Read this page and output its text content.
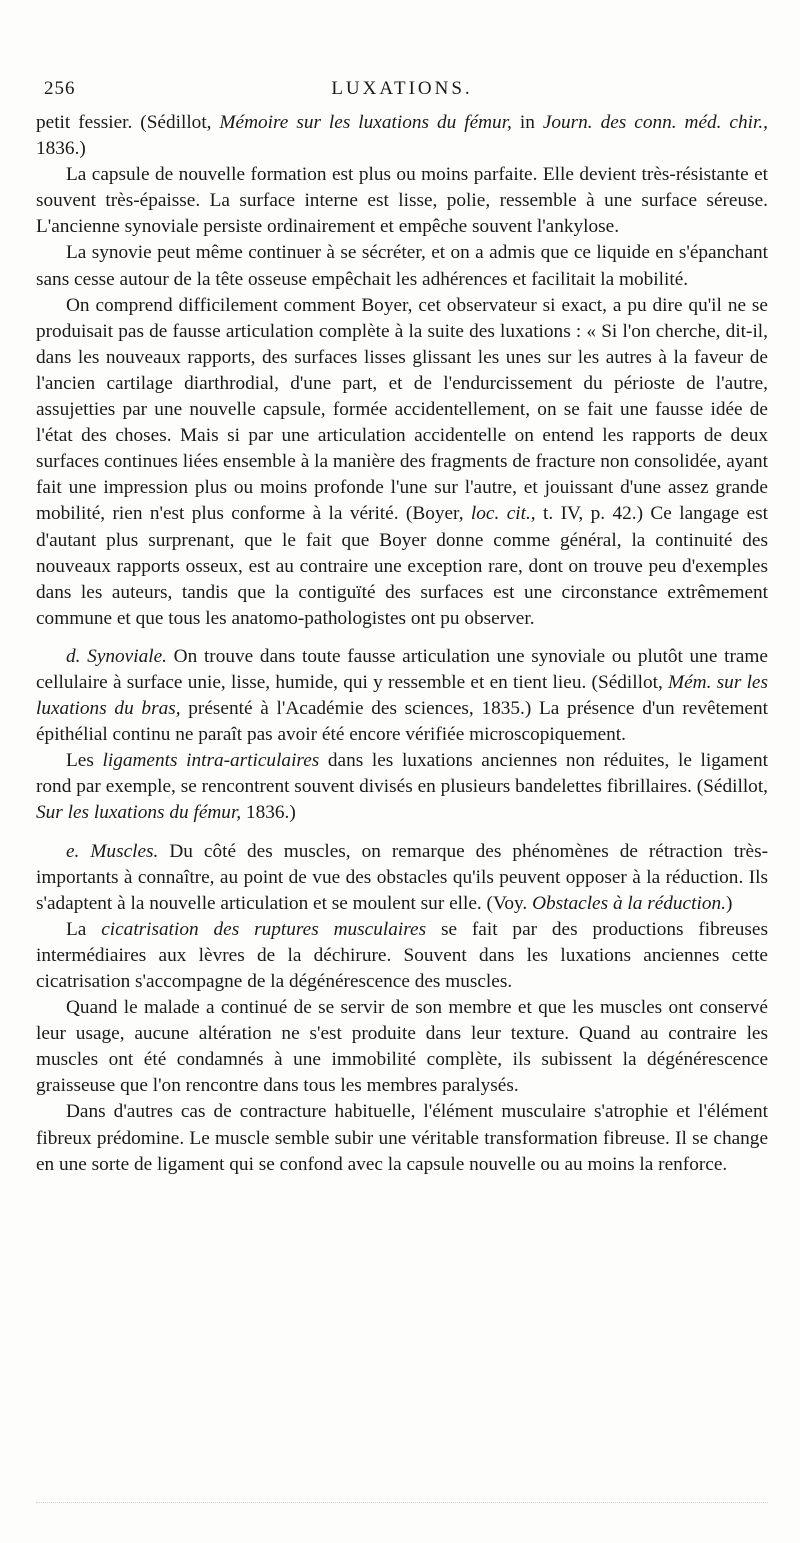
256	LUXATIONS.

petit fessier. (Sédillot, Mémoire sur les luxations du fémur, in Journ. des conn. méd. chir., 1836.)

La capsule de nouvelle formation est plus ou moins parfaite. Elle devient très-résistante et souvent très-épaisse. La surface interne est lisse, polie, ressemble à une surface séreuse. L'ancienne synoviale persiste ordinairement et empêche souvent l'ankylose.

La synovie peut même continuer à se sécréter, et on a admis que ce liquide en s'épanchant sans cesse autour de la tête osseuse empêchait les adhérences et facilitait la mobilité.

On comprend difficilement comment Boyer, cet observateur si exact, a pu dire qu'il ne se produisait pas de fausse articulation complète à la suite des luxations : « Si l'on cherche, dit-il, dans les nouveaux rapports, des surfaces lisses glissant les unes sur les autres à la faveur de l'ancien cartilage diarthrodial, d'une part, et de l'endurcissement du périoste de l'autre, assujetties par une nouvelle capsule, formée accidentellement, on se fait une fausse idée de l'état des choses. Mais si par une articulation accidentelle on entend les rapports de deux surfaces continues liées ensemble à la manière des fragments de fracture non consolidée, ayant fait une impression plus ou moins profonde l'une sur l'autre, et jouissant d'une assez grande mobilité, rien n'est plus conforme à la vérité. (Boyer, loc. cit., t. IV, p. 42.) Ce langage est d'autant plus surprenant, que le fait que Boyer donne comme général, la continuité des nouveaux rapports osseux, est au contraire une exception rare, dont on trouve peu d'exemples dans les auteurs, tandis que la contiguïté des surfaces est une circonstance extrêmement commune et que tous les anatomo-pathologistes ont pu observer.

d. Synoviale. On trouve dans toute fausse articulation une synoviale ou plutôt une trame cellulaire à surface unie, lisse, humide, qui y ressemble et en tient lieu. (Sédillot, Mém. sur les luxations du bras, présenté à l'Académie des sciences, 1835.) La présence d'un revêtement épithélial continu ne paraît pas avoir été encore vérifiée microscopiquement.

Les ligaments intra-articulaires dans les luxations anciennes non réduites, le ligament rond par exemple, se rencontrent souvent divisés en plusieurs bandelettes fibrillaires. (Sédillot, Sur les luxations du fémur, 1836.)

e. Muscles. Du côté des muscles, on remarque des phénomènes de rétraction très-importants à connaître, au point de vue des obstacles qu'ils peuvent opposer à la réduction. Ils s'adaptent à la nouvelle articulation et se moulent sur elle. (Voy. Obstacles à la réduction.)

La cicatrisation des ruptures musculaires se fait par des productions fibreuses intermédiaires aux lèvres de la déchirure. Souvent dans les luxations anciennes cette cicatrisation s'accompagne de la dégénérescence des muscles.

Quand le malade a continué de se servir de son membre et que les muscles ont conservé leur usage, aucune altération ne s'est produite dans leur texture. Quand au contraire les muscles ont été condamnés à une immobilité complète, ils subissent la dégénérescence graisseuse que l'on rencontre dans tous les membres paralysés.

Dans d'autres cas de contracture habituelle, l'élément musculaire s'atrophie et l'élément fibreux prédomine. Le muscle semble subir une véritable transformation fibreuse. Il se change en une sorte de ligament qui se confond avec la capsule nouvelle ou au moins la renforce.
